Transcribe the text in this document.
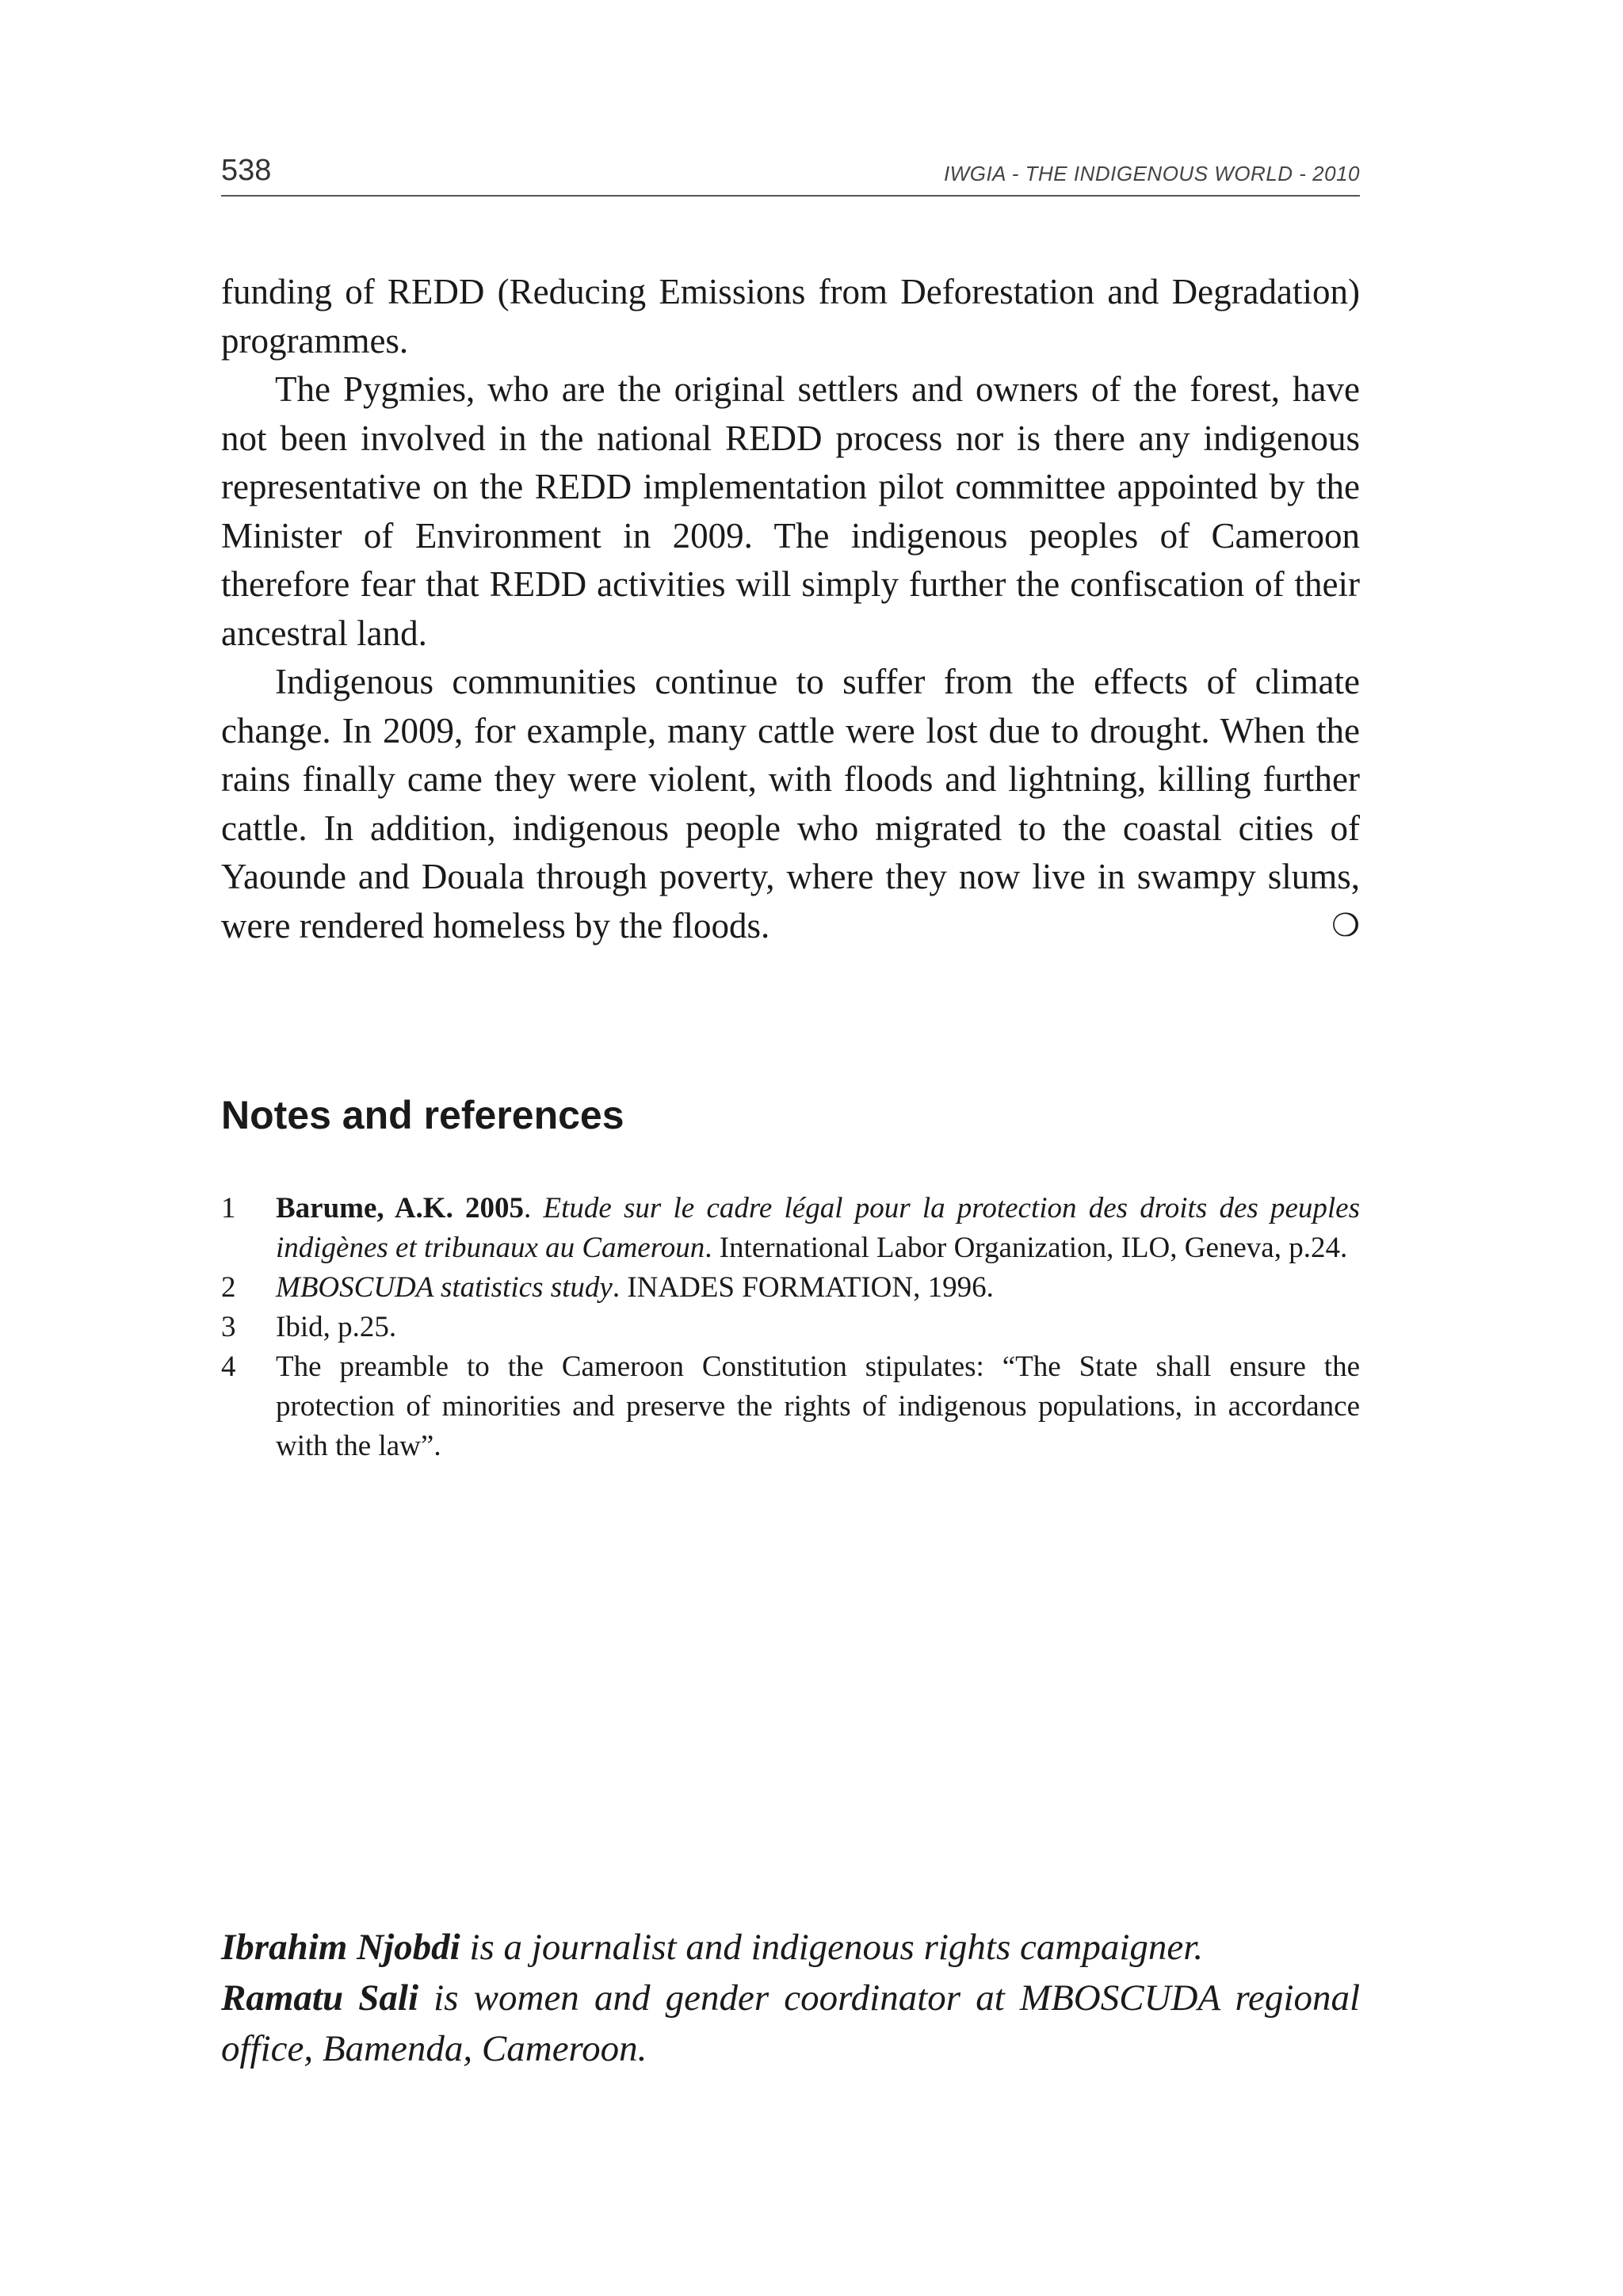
538	IWGIA - THE INDIGENOUS WORLD - 2010

funding of REDD (Reducing Emissions from Deforestation and Degradation) programmes.

The Pygmies, who are the original settlers and owners of the forest, have not been involved in the national REDD process nor is there any indigenous representative on the REDD implementation pilot committee appointed by the Minister of Environment in 2009. The indigenous peoples of Cameroon therefore fear that REDD activities will simply further the confiscation of their ancestral land.

Indigenous communities continue to suffer from the effects of climate change. In 2009, for example, many cattle were lost due to drought. When the rains finally came they were violent, with floods and lightning, killing further cattle. In addition, indigenous people who migrated to the coastal cities of Yaounde and Douala through poverty, where they now live in swampy slums, were rendered homeless by the floods.	❍

Notes and references
1	Barume, A.K. 2005. Etude sur le cadre légal pour la protection des droits des peuples indigènes et tribunaux au Cameroun. International Labor Organization, ILO, Geneva, p.24.
2	MBOSCUDA statistics study. INADES FORMATION, 1996.
3	Ibid, p.25.
4	The preamble to the Cameroon Constitution stipulates: “The State shall ensure the protection of minorities and preserve the rights of indigenous populations, in accordance with the law”.

Ibrahim Njobdi is a journalist and indigenous rights campaigner.

Ramatu Sali is women and gender coordinator at MBOSCUDA regional office, Bamenda, Cameroon.
